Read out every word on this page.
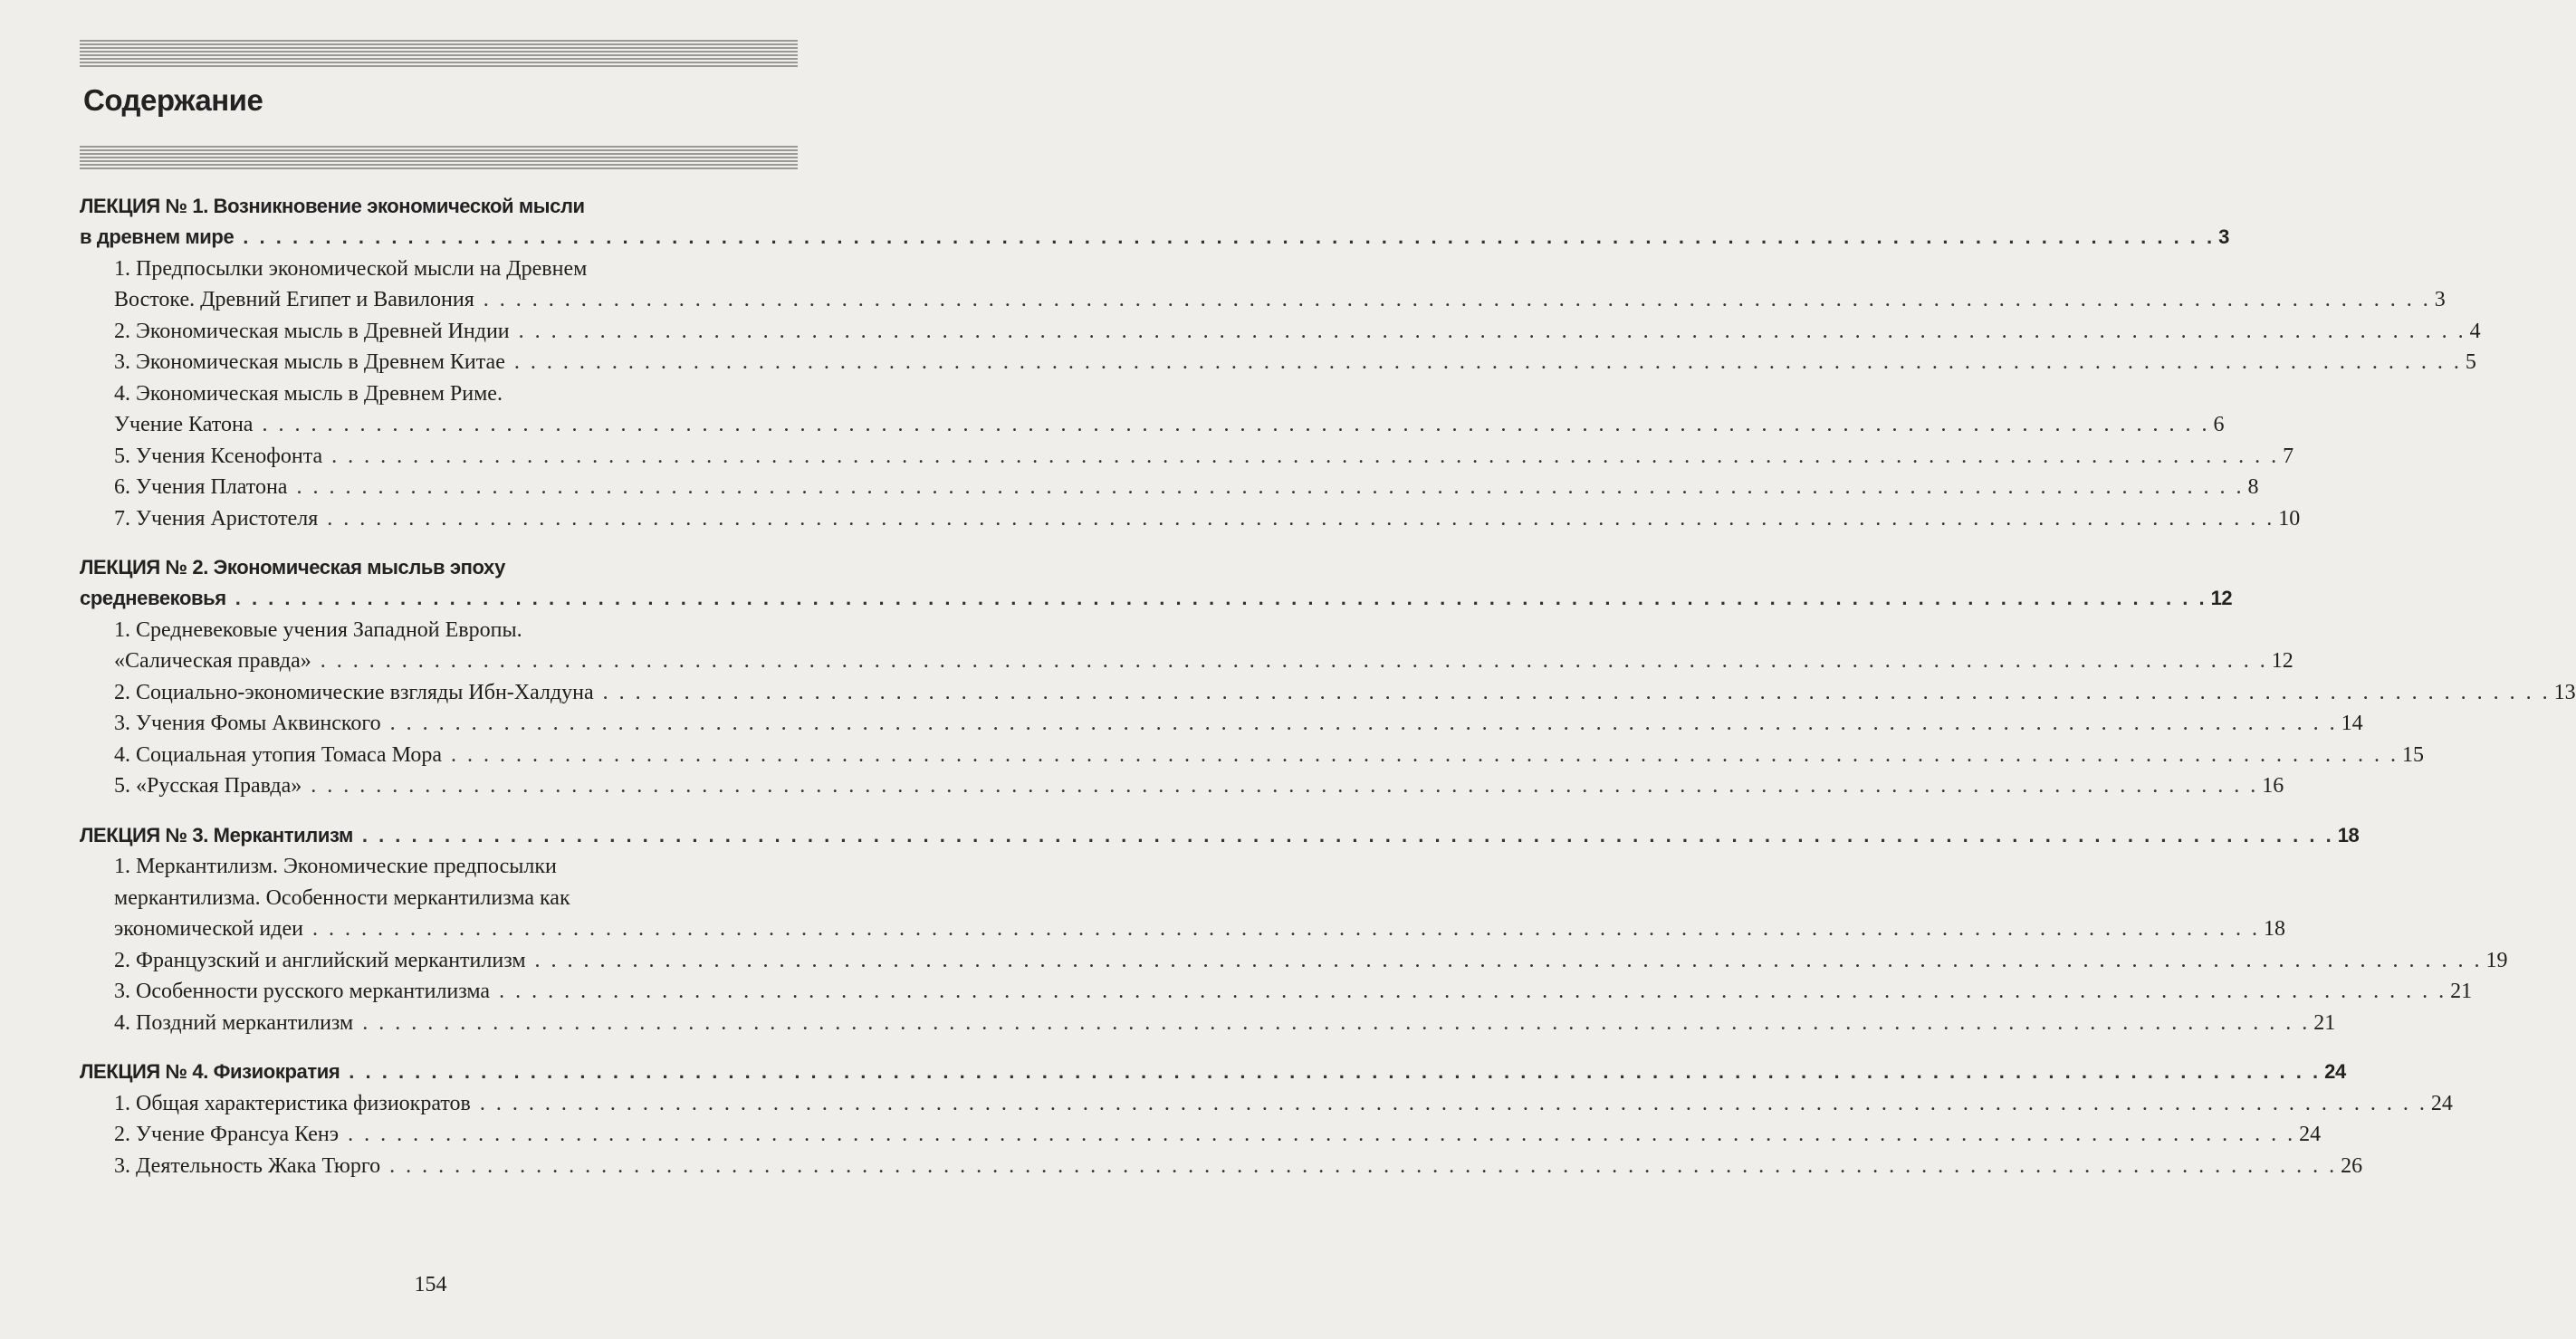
Содержание
ЛЕКЦИЯ № 1. Возникновение экономической мысли
в древнем мире . . . . . . . . . . . . . . . . . . . . . . . . . . . . . . . . . . . . . . . . . . . . . . . . . . . . . . . . . . . . . . . . . . . . . . . . . . . . . . . . . . . . . . . . . . . . . . . . . . . . . . . . . . . . . . . . . . . . . . . . 3
1. Предпосылки экономической мысли на Древнем
Востоке. Древний Египет и Вавилония . . . . . . . . . . . . . . . . . . . . . . . . . . . . . . . . . . . . . . . . . . . . . . . . . . . . . . . . . . . . . . . . . . . . . . . . . . . . . . . . . . . . . . . . . . . . . . . . . . . . . . . . . . . . . . . . . . . . . . . . 3
2. Экономическая мысль в Древней Индии . . . . . . . . . . . . . . . . . . . . . . . . . . . . . . . . . . . . . . . . . . . . . . . . . . . . . . . . . . . . . . . . . . . . . . . . . . . . . . . . . . . . . . . . . . . . . . . . . . . . . . . . . . . . . . . . . . . . . . . . 4
3. Экономическая мысль в Древнем Китае . . . . . . . . . . . . . . . . . . . . . . . . . . . . . . . . . . . . . . . . . . . . . . . . . . . . . . . . . . . . . . . . . . . . . . . . . . . . . . . . . . . . . . . . . . . . . . . . . . . . . . . . . . . . . . . . . . . . . . . . 5
4. Экономическая мысль в Древнем Риме.
Учение Катона . . . . . . . . . . . . . . . . . . . . . . . . . . . . . . . . . . . . . . . . . . . . . . . . . . . . . . . . . . . . . . . . . . . . . . . . . . . . . . . . . . . . . . . . . . . . . . . . . . . . . . . . . . . . . . . . . . . . . . . . 6
5. Учения Ксенофонта . . . . . . . . . . . . . . . . . . . . . . . . . . . . . . . . . . . . . . . . . . . . . . . . . . . . . . . . . . . . . . . . . . . . . . . . . . . . . . . . . . . . . . . . . . . . . . . . . . . . . . . . . . . . . . . . . . . . . . . . 7
6. Учения Платона . . . . . . . . . . . . . . . . . . . . . . . . . . . . . . . . . . . . . . . . . . . . . . . . . . . . . . . . . . . . . . . . . . . . . . . . . . . . . . . . . . . . . . . . . . . . . . . . . . . . . . . . . . . . . . . . . . . . . . . . 8
7. Учения Аристотеля . . . . . . . . . . . . . . . . . . . . . . . . . . . . . . . . . . . . . . . . . . . . . . . . . . . . . . . . . . . . . . . . . . . . . . . . . . . . . . . . . . . . . . . . . . . . . . . . . . . . . . . . . . . . . . . . . . . . . . . . 10
ЛЕКЦИЯ № 2. Экономическая мысльв эпоху
средневековья . . . . . . . . . . . . . . . . . . . . . . . . . . . . . . . . . . . . . . . . . . . . . . . . . . . . . . . . . . . . . . . . . . . . . . . . . . . . . . . . . . . . . . . . . . . . . . . . . . . . . . . . . . . . . . . . . . . . . . . . 12
1. Средневековые учения Западной Европы.
«Салическая правда» . . . . . . . . . . . . . . . . . . . . . . . . . . . . . . . . . . . . . . . . . . . . . . . . . . . . . . . . . . . . . . . . . . . . . . . . . . . . . . . . . . . . . . . . . . . . . . . . . . . . . . . . . . . . . . . . . . . . . . . . 12
2. Социально-экономические взгляды Ибн-Халдуна . . . . . . . . . . . . . . . . . . . . . . . . . . . . . . . . . . . . . . . . . . . . . . . . . . . . . . . . . . . . . . . . . . . . . . . . . . . . . . . . . . . . . . . . . . . . . . . . . . . . . . . . . . . . . . . . . . . . . . . . 13
3. Учения Фомы Аквинского . . . . . . . . . . . . . . . . . . . . . . . . . . . . . . . . . . . . . . . . . . . . . . . . . . . . . . . . . . . . . . . . . . . . . . . . . . . . . . . . . . . . . . . . . . . . . . . . . . . . . . . . . . . . . . . . . . . . . . . . 14
4. Социальная утопия Томаса Мора . . . . . . . . . . . . . . . . . . . . . . . . . . . . . . . . . . . . . . . . . . . . . . . . . . . . . . . . . . . . . . . . . . . . . . . . . . . . . . . . . . . . . . . . . . . . . . . . . . . . . . . . . . . . . . . . . . . . . . . . 15
5. «Русская Правда» . . . . . . . . . . . . . . . . . . . . . . . . . . . . . . . . . . . . . . . . . . . . . . . . . . . . . . . . . . . . . . . . . . . . . . . . . . . . . . . . . . . . . . . . . . . . . . . . . . . . . . . . . . . . . . . . . . . . . . . . 16
ЛЕКЦИЯ № 3. Меркантилизм . . . . . . . . . . . . . . . . . . . . . . . . . . . . . . . . . . . . . . . . . . . . . . . . . . . . . . . . . . . . . . . . . . . . . . . . . . . . . . . . . . . . . . . . . . . . . . . . . . . . . . . . . . . . . . . . . . . . . . . . 18
1. Меркантилизм. Экономические предпосылки
меркантилизма. Особенности меркантилизма как
экономической идеи . . . . . . . . . . . . . . . . . . . . . . . . . . . . . . . . . . . . . . . . . . . . . . . . . . . . . . . . . . . . . . . . . . . . . . . . . . . . . . . . . . . . . . . . . . . . . . . . . . . . . . . . . . . . . . . . . . . . . . . . 18
2. Французский и английский меркантилизм . . . . . . . . . . . . . . . . . . . . . . . . . . . . . . . . . . . . . . . . . . . . . . . . . . . . . . . . . . . . . . . . . . . . . . . . . . . . . . . . . . . . . . . . . . . . . . . . . . . . . . . . . . . . . . . . . . . . . . . . 19
3. Особенности русского меркантилизма . . . . . . . . . . . . . . . . . . . . . . . . . . . . . . . . . . . . . . . . . . . . . . . . . . . . . . . . . . . . . . . . . . . . . . . . . . . . . . . . . . . . . . . . . . . . . . . . . . . . . . . . . . . . . . . . . . . . . . . . 21
4. Поздний меркантилизм . . . . . . . . . . . . . . . . . . . . . . . . . . . . . . . . . . . . . . . . . . . . . . . . . . . . . . . . . . . . . . . . . . . . . . . . . . . . . . . . . . . . . . . . . . . . . . . . . . . . . . . . . . . . . . . . . . . . . . . . 21
ЛЕКЦИЯ № 4. Физиократия . . . . . . . . . . . . . . . . . . . . . . . . . . . . . . . . . . . . . . . . . . . . . . . . . . . . . . . . . . . . . . . . . . . . . . . . . . . . . . . . . . . . . . . . . . . . . . . . . . . . . . . . . . . . . . . . . . . . . . . . 24
1. Общая характеристика физиократов . . . . . . . . . . . . . . . . . . . . . . . . . . . . . . . . . . . . . . . . . . . . . . . . . . . . . . . . . . . . . . . . . . . . . . . . . . . . . . . . . . . . . . . . . . . . . . . . . . . . . . . . . . . . . . . . . . . . . . . . 24
2. Учение Франсуа Кенэ . . . . . . . . . . . . . . . . . . . . . . . . . . . . . . . . . . . . . . . . . . . . . . . . . . . . . . . . . . . . . . . . . . . . . . . . . . . . . . . . . . . . . . . . . . . . . . . . . . . . . . . . . . . . . . . . . . . . . . . . 24
3. Деятельность Жака Тюрго . . . . . . . . . . . . . . . . . . . . . . . . . . . . . . . . . . . . . . . . . . . . . . . . . . . . . . . . . . . . . . . . . . . . . . . . . . . . . . . . . . . . . . . . . . . . . . . . . . . . . . . . . . . . . . . . . . . . . . . . 26
154
